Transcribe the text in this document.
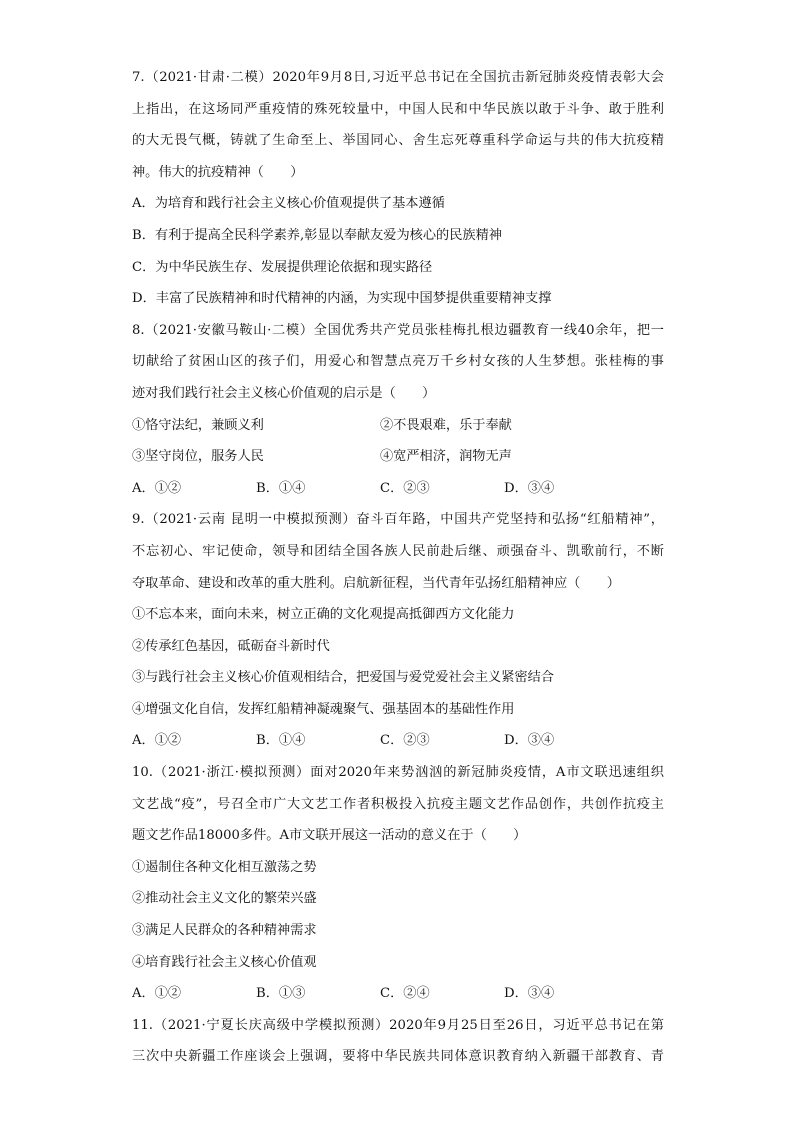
7.（2021·甘肃·二模）2020年9月8日,习近平总书记在全国抗击新冠肺炎疫情表彰大会
上指出，在这场同严重疫情的殊死较量中，中国人民和中华民族以敢于斗争、敢于胜利
的大无畏气概，铸就了生命至上、举国同心、舍生忘死尊重科学命运与共的伟大抗疫精
神。伟大的抗疫精神（　　）
A．为培育和践行社会主义核心价值观提供了基本遵循
B．有利于提高全民科学素养,彰显以奉献友爱为核心的民族精神
C．为中华民族生存、发展提供理论依据和现实路径
D．丰富了民族精神和时代精神的内涵，为实现中国梦提供重要精神支撑
8.（2021·安徽马鞍山·二模）全国优秀共产党员张桂梅扎根边疆教育一线40余年，把一
切献给了贫困山区的孩子们，用爱心和智慧点亮万千乡村女孩的人生梦想。张桂梅的事
迹对我们践行社会主义核心价值观的启示是（　　）
①恪守法纪，兼顾义利	②不畏艰难，乐于奉献
③坚守岗位，服务人民	④宽严相济，润物无声
A．①②	B．①④	C．②③	D．③④
9.（2021·云南 昆明一中模拟预测）奋斗百年路，中国共产党坚持和弘扬“红船精神”，
不忘初心、牢记使命，领导和团结全国各族人民前赴后继、顽强奋斗、凯歌前行，不断
夺取革命、建设和改革的重大胜利。启航新征程，当代青年弘扬红船精神应（　　）
①不忘本来，面向未来，树立正确的文化观提高抵御西方文化能力
②传承红色基因，砥砺奋斗新时代
③与践行社会主义核心价值观相结合，把爱国与爱党爱社会主义紧密结合
④增强文化自信，发挥红船精神凝魂聚气、强基固本的基础性作用
A．①②	B．①④	C．②③	D．③④
10.（2021·浙江·模拟预测）面对2020年来势汹汹的新冠肺炎疫情，A市文联迅速组织
文艺战“疫”，号召全市广大文艺工作者积极投入抗疫主题文艺作品创作，共创作抗疫主
题文艺作品18000多件。A市文联开展这一活动的意义在于（　　）
①遏制住各种文化相互激荡之势
②推动社会主义文化的繁荣兴盛
③满足人民群众的各种精神需求
④培育践行社会主义核心价值观
A．①②	B．①③	C．②④	D．③④
11.（2021·宁夏长庆高级中学模拟预测）2020年9月25日至26日，习近平总书记在第
三次中央新疆工作座谈会上强调，要将中华民族共同体意识教育纳入新疆干部教育、青
